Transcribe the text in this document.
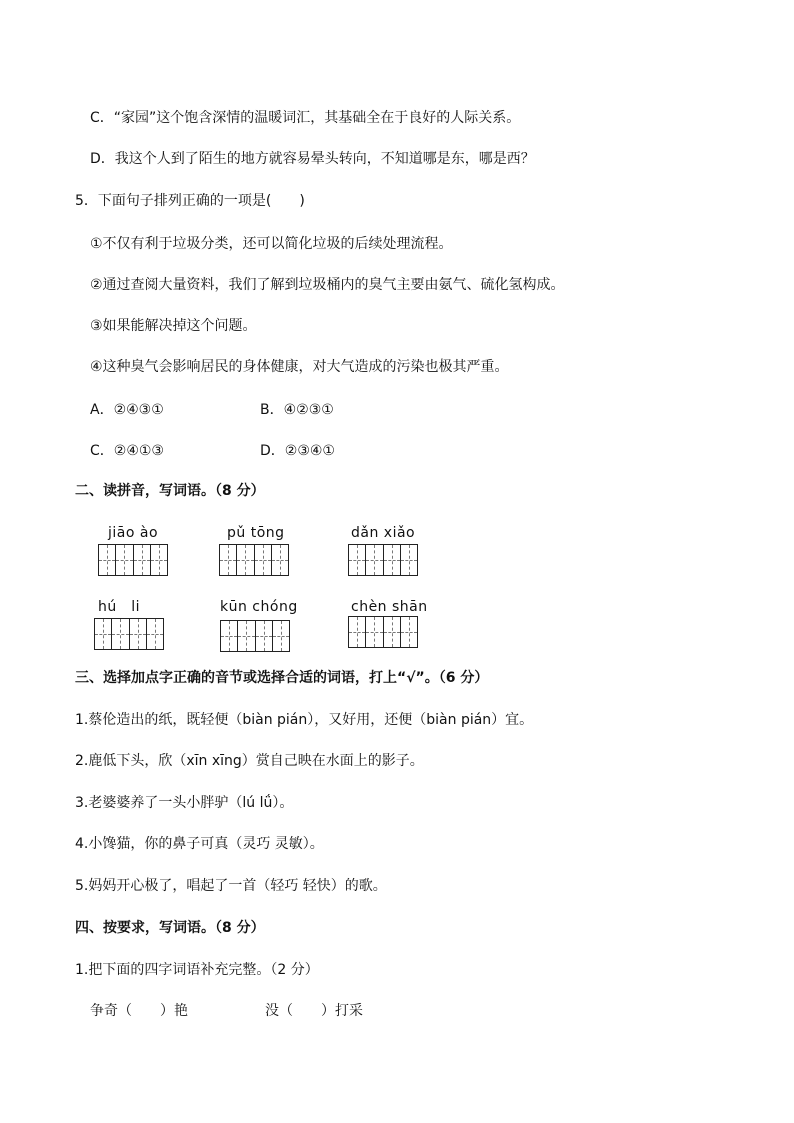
C．“家园”这个饱含深情的温暖词汇，其基础全在于良好的人际关系。
D．我这个人到了陌生的地方就容易晕头转向，不知道哪是东，哪是西？
5．下面句子排列正确的一项是(　　)
①不仅有利于垃圾分类，还可以简化垃圾的后续处理流程。
②通过查阅大量资料，我们了解到垃圾桶内的臭气主要由氨气、硫化氢构成。
③如果能解决掉这个问题。
④这种臭气会影响居民的身体健康，对大气造成的污染也极其严重。
A．②④③①	B．④②③①
C．②④①③	D．②③④①
二、读拼音，写词语。（8 分）
jiāo ào	pǔ tōng	dǎn xiǎo
hú　li	kūn chóng	chèn shān
三、选择加点字正确的音节或选择合适的词语，打上“√”。（6 分）
1.蔡伦造出的纸，既轻便（biàn pián），又好用，还便（biàn pián）宜。
2.鹿低下头，欣（xīn xīng）赏自己映在水面上的影子。
3.老婆婆养了一头小胖驴（lú lǘ）。
4.小馋猫，你的鼻子可真（灵巧 灵敏）。
5.妈妈开心极了，唱起了一首（轻巧 轻快）的歌。
四、按要求，写词语。（8 分）
1.把下面的四字词语补充完整。（2 分）
争奇（　　）艳	没（　　）打采
